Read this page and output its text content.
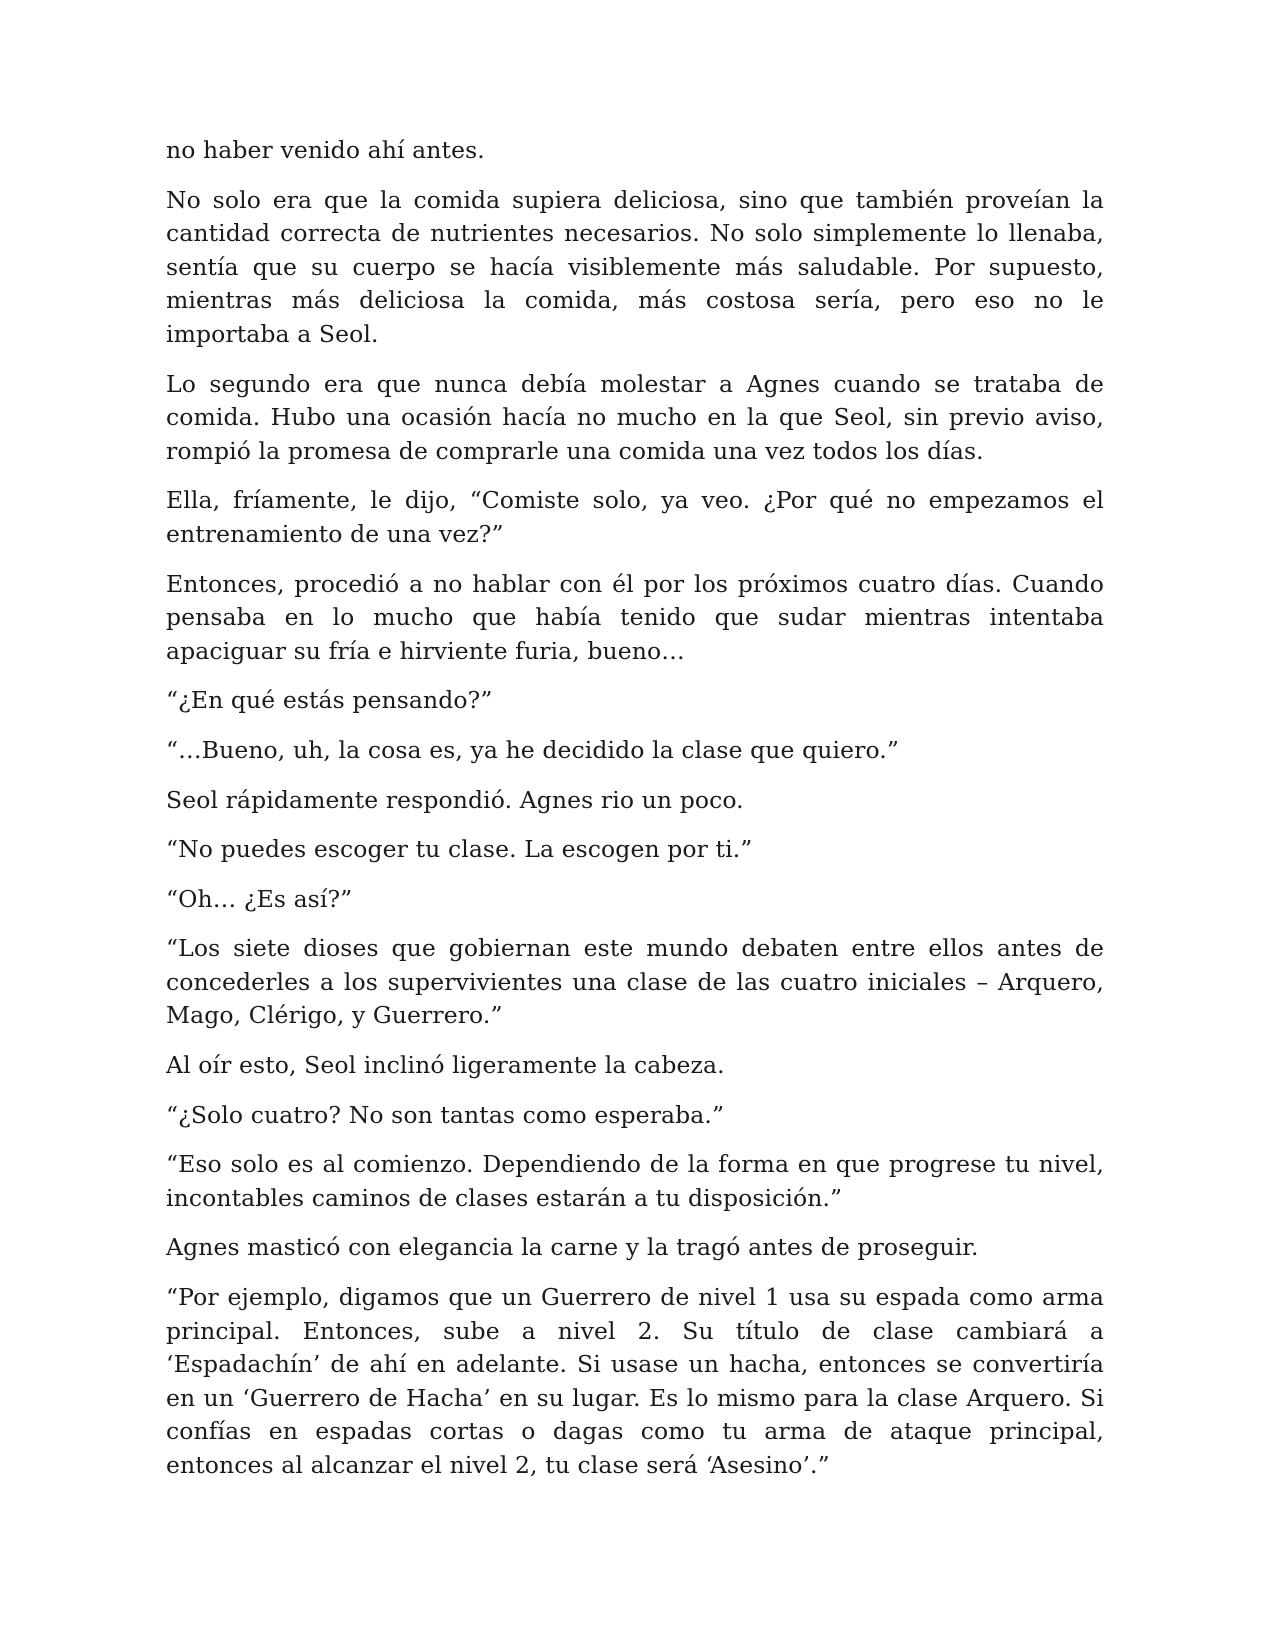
no haber venido ahí antes.

No solo era que la comida supiera deliciosa, sino que también proveían la cantidad correcta de nutrientes necesarios. No solo simplemente lo llenaba, sentía que su cuerpo se hacía visiblemente más saludable. Por supuesto, mientras más deliciosa la comida, más costosa sería, pero eso no le importaba a Seol.

Lo segundo era que nunca debía molestar a Agnes cuando se trataba de comida. Hubo una ocasión hacía no mucho en la que Seol, sin previo aviso, rompió la promesa de comprarle una comida una vez todos los días.

Ella, fríamente, le dijo, “Comiste solo, ya veo. ¿Por qué no empezamos el entrenamiento de una vez?”

Entonces, procedió a no hablar con él por los próximos cuatro días. Cuando pensaba en lo mucho que había tenido que sudar mientras intentaba apaciguar su fría e hirviente furia, bueno…

“¿En qué estás pensando?”

“…Bueno, uh, la cosa es, ya he decidido la clase que quiero.”

Seol rápidamente respondió. Agnes rio un poco.

“No puedes escoger tu clase. La escogen por ti.”

“Oh… ¿Es así?”

“Los siete dioses que gobiernan este mundo debaten entre ellos antes de concederles a los supervivientes una clase de las cuatro iniciales – Arquero, Mago, Clérigo, y Guerrero.”

Al oír esto, Seol inclinó ligeramente la cabeza.

“¿Solo cuatro? No son tantas como esperaba.”

“Eso solo es al comienzo. Dependiendo de la forma en que progrese tu nivel, incontables caminos de clases estarán a tu disposición.”

Agnes masticó con elegancia la carne y la tragó antes de proseguir.

“Por ejemplo, digamos que un Guerrero de nivel 1 usa su espada como arma principal. Entonces, sube a nivel 2. Su título de clase cambiará a ‘Espadachín’ de ahí en adelante. Si usase un hacha, entonces se convertiría en un ‘Guerrero de Hacha’ en su lugar. Es lo mismo para la clase Arquero. Si confías en espadas cortas o dagas como tu arma de ataque principal, entonces al alcanzar el nivel 2, tu clase será ‘Asesino’.”
